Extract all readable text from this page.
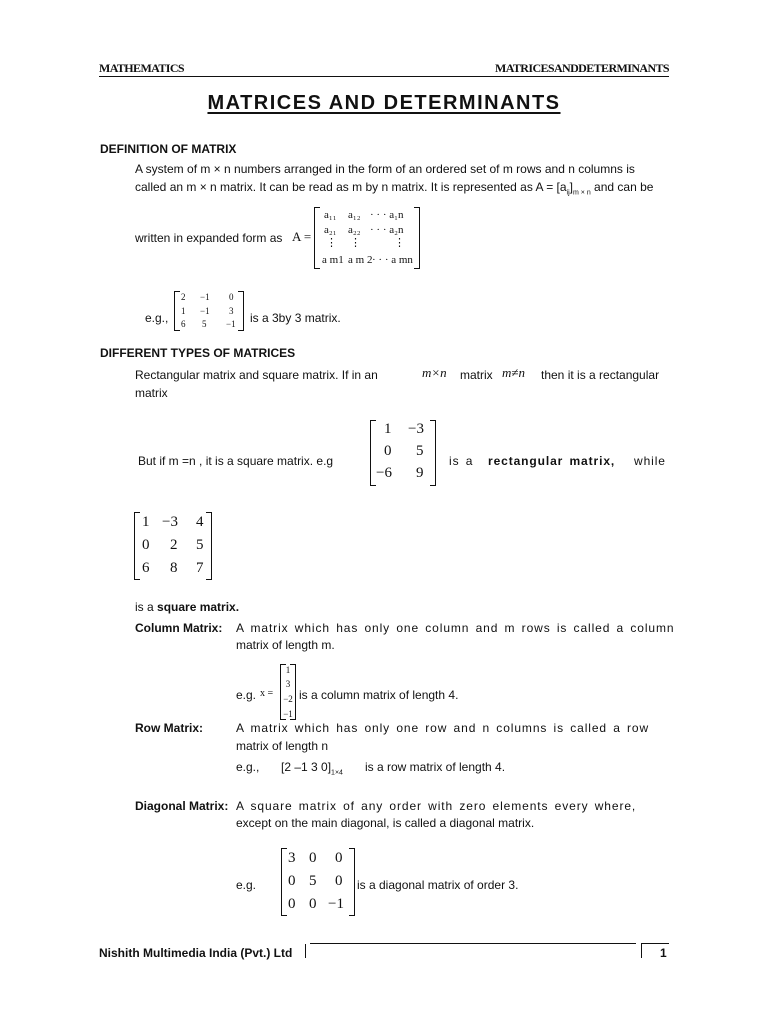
MATHEMATICS	MATRICESANDDETERMINANTS
MATRICES AND DETERMINANTS
DEFINITION OF MATRIX
A system of m × n numbers arranged in the form of an ordered set of m rows and n columns is
called an m × n matrix. It can be read as m by n matrix. It is represented as $A = [a_{ij}]_{m \times n}$ and can be
written in expanded form as A =
a₁₁ a₁₂ · · · a₁n
a₂₁ a₂₂ · · · a₂n
⋮ ⋮	⋮
a m1 a m 2 · · · a mn
e.g.,
2 −1 0
1 −1 3
6 5 −1 is a 3by 3 matrix.
DIFFERENT TYPES OF MATRICES
Rectangular matrix and square matrix. If in an	m×n matrix m≠n then it is a rectangular
matrix
But if m =n , it is a square matrix. e.g
1 −3
0 5
−6 9
is a rectangular matrix, while
1 −3 4
0 2 5
6 8 7
is a square matrix.
Column Matrix: A matrix which has only one column and m rows is called a column
matrix of length m.
e.g. x =
1
3
−2
−1
is a column matrix of length 4.
Row Matrix:	A matrix which has only one row and n columns is called a row
matrix of length n
e.g., [2 –1 3 $0]_{1\times 4}$ is a row matrix of length 4.
Diagonal Matrix: A square matrix of any order with zero elements every where,
except on the main diagonal, is called a diagonal matrix.
e.g.
3 0 0
0 5 0
0 0 −1
is a diagonal matrix of order 3.
Nishith Multimedia India (Pvt.) Ltd	1
